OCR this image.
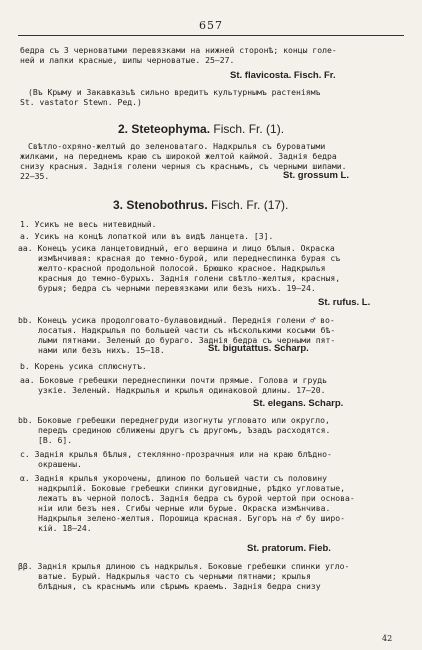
657
бедра съ 3 черноватыми перевязками на нижней сторонѣ; концы голе-
ней и лапки красные, шипы черноватые. 25—27.
St. flavicosta. Fisch. Fr.
(Въ Крыму и Закавказьѣ сильно вредитъ культурнымъ растеніямъ
St. vastator Stewn. Ред.)
2. Steteophyma. Fisch. Fr. (1).
Свѣтло-охряно-желтый до зеленоватаго. Надкрылья съ буроватыми
жилками, на переднемъ краю съ широкой желтой каймой. Заднія бедра
снизу красныя. Заднія голени черныя съ краснымъ, съ черными шипами.
22—35.	St. grossum L.
3. Stenobothrus. Fisch. Fr. (17).
1. Усикъ не весь нитевидный.
a. Усикъ на концѣ лопаткой или въ видѣ ланцета. [3].
aa. Конецъ усика ланцетовидный, его вершина и лицо бѣлыя. Окраска
измѣнчивая: красная до темно-бурой, или переднеспинка бурая съ
желто-красной продольной полосой. Брюшко красное. Надкрылья
красныя до темно-бурыхъ. Заднія голени свѣтло-желтыя, красныя,
бурыя; бедра съ черными перевязками или безъ нихъ. 19—24.
St. rufus. L.
bb. Конецъ усика продолговато-булавовидный. Переднія голени ♂ во-
лосатыя. Надкрылья по большей части съ нѣсколькими косыми бѣ-
лыми пятнами. Зеленый до бураго. Заднія бедра съ черными пят-
нами или безъ нихъ. 15—18.	St. bigutattus. Scharp.
b. Корень усика сплюснутъ.
aa. Боковые гребешки переднеспинки почти прямые. Голова и грудь
узкіе. Зеленый. Надкрылья и крылья одинаковой длины. 17—20.
St. elegans. Scharp.
bb. Боковые гребешки переднегруди изогнуты угловато или округло,
передъ срединою сближены другъ съ другомъ, Ъзадъ расходятся.
[B. 6].
c. Заднія крылья бѣлыя, стеклянно-прозрачныя или на краю блѣдно-
окрашены.
α. Заднія крылья укорочены, длиною по большей части съ половину
надкрылій. Боковые гребешки спинки дуговидные, рѣдко угловатые,
лежатъ въ черной полосѣ. Заднія бедра съ бурой чертой при основа-
ніи или безъ нея. Сгибы черные или бурые. Окраска измѣнчива.
Надкрылья зелено-желтыя. Порошица красная. Бугоръ на ♂ бу широ-
кій. 18—24.
St. pratorum. Fieb.
ββ. Заднія крылья длиною съ надкрылья. Боковые гребешки спинки угло-
ватые. Бурый. Надкрылья часто съ черными пятнами; крылья
блѣдныя, съ краснымъ или сѣрымъ краемъ. Заднія бедра снизу
42
